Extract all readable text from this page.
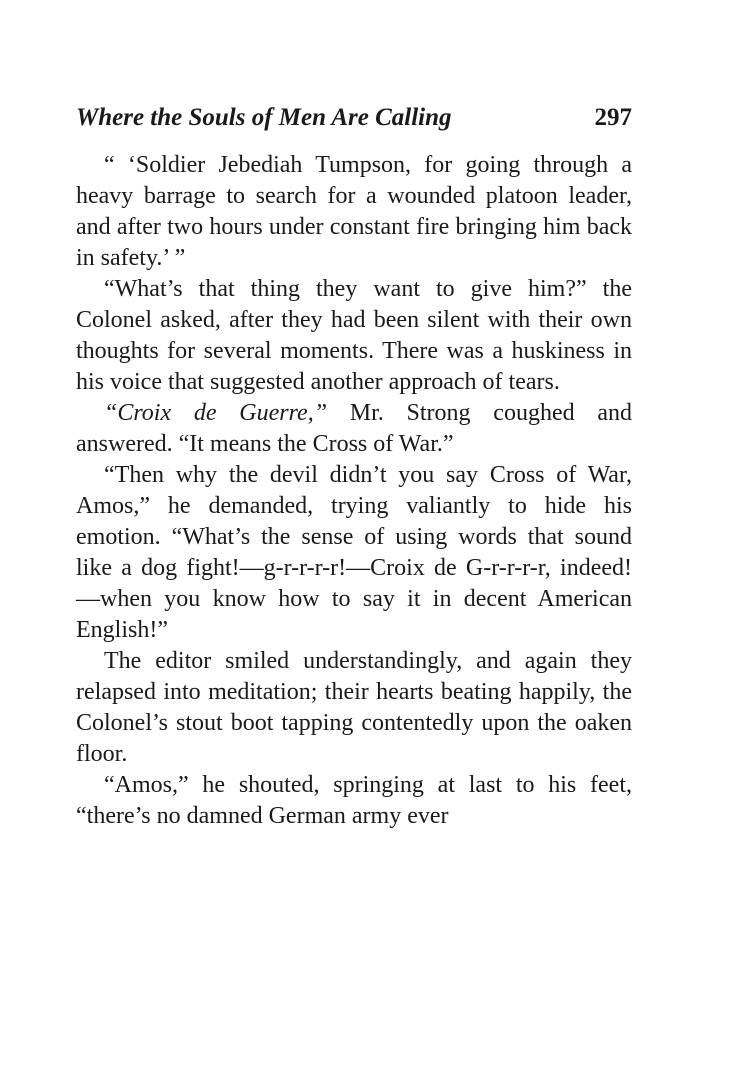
Where the Souls of Men Are Calling	297

“ ‘Soldier Jebediah Tumpson, for going through a heavy barrage to search for a wounded platoon leader, and after two hours under constant fire bringing him back in safety.’ ”

“What’s that thing they want to give him?” the Colonel asked, after they had been silent with their own thoughts for several moments. There was a huskiness in his voice that suggested another approach of tears.

“Croix de Guerre,” Mr. Strong coughed and answered. “It means the Cross of War.”

“Then why the devil didn’t you say Cross of War, Amos,” he demanded, trying valiantly to hide his emotion. “What’s the sense of using words that sound like a dog fight!—g-r-r-r-r!—Croix de G-r-r-r-r, indeed!—when you know how to say it in decent American English!”

The editor smiled understandingly, and again they relapsed into meditation; their hearts beating happily, the Colonel’s stout boot tapping contentedly upon the oaken floor.

“Amos,” he shouted, springing at last to his feet, “there’s no damned German army ever
